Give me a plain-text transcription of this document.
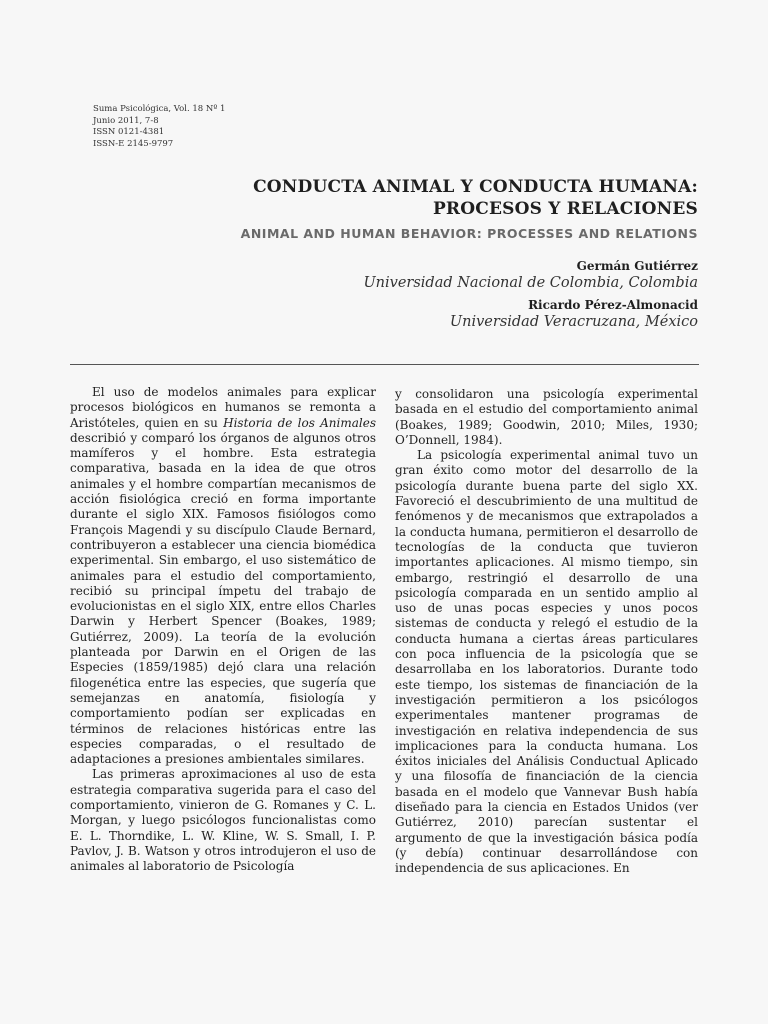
Suma Psicológica, Vol. 18 Nº 1
Junio 2011, 7-8
ISSN 0121-4381
ISSN-E 2145-9797
CONDUCTA ANIMAL Y CONDUCTA HUMANA:
PROCESOS Y RELACIONES
ANIMAL AND HUMAN BEHAVIOR: PROCESSES AND RELATIONS
Germán Gutiérrez
Universidad Nacional de Colombia, Colombia
Ricardo Pérez-Almonacid
Universidad Veracruzana, México

El uso de modelos animales para explicar procesos biológicos en humanos se remonta a Aristóteles, quien en su Historia de los Animales describió y comparó los órganos de algunos otros mamíferos y el hombre. Esta estrategia comparativa, basada en la idea de que otros animales y el hombre compartían mecanismos de acción fisiológica creció en forma importante durante el siglo XIX. Famosos fisiólogos como François Magendi y su discípulo Claude Bernard, contribuyeron a establecer una ciencia biomédica experimental. Sin embargo, el uso sistemático de animales para el estudio del comportamiento, recibió su principal ímpetu del trabajo de evolucionistas en el siglo XIX, entre ellos Charles Darwin y Herbert Spencer (Boakes, 1989; Gutiérrez, 2009). La teoría de la evolución planteada por Darwin en el Origen de las Especies (1859/1985) dejó clara una relación filogenética entre las especies, que sugería que semejanzas en anatomía, fisiología y comportamiento podían ser explicadas en términos de relaciones históricas entre las especies comparadas, o el resultado de adaptaciones a presiones ambientales similares.

Las primeras aproximaciones al uso de esta estrategia comparativa sugerida para el caso del comportamiento, vinieron de G. Romanes y C. L. Morgan, y luego psicólogos funcionalistas como E. L. Thorndike, L. W. Kline, W. S. Small, I. P. Pavlov, J. B. Watson y otros introdujeron el uso de animales al laboratorio de Psicología

y consolidaron una psicología experimental basada en el estudio del comportamiento animal (Boakes, 1989; Goodwin, 2010; Miles, 1930; O’Donnell, 1984).

La psicología experimental animal tuvo un gran éxito como motor del desarrollo de la psicología durante buena parte del siglo XX. Favoreció el descubrimiento de una multitud de fenómenos y de mecanismos que extrapolados a la conducta humana, permitieron el desarrollo de tecnologías de la conducta que tuvieron importantes aplicaciones. Al mismo tiempo, sin embargo, restringió el desarrollo de una psicología comparada en un sentido amplio al uso de unas pocas especies y unos pocos sistemas de conducta y relegó el estudio de la conducta humana a ciertas áreas particulares con poca influencia de la psicología que se desarrollaba en los laboratorios. Durante todo este tiempo, los sistemas de financiación de la investigación permitieron a los psicólogos experimentales mantener programas de investigación en relativa independencia de sus implicaciones para la conducta humana. Los éxitos iniciales del Análisis Conductual Aplicado y una filosofía de financiación de la ciencia basada en el modelo que Vannevar Bush había diseñado para la ciencia en Estados Unidos (ver Gutiérrez, 2010) parecían sustentar el argumento de que la investigación básica podía (y debía) continuar desarrollándose con independencia de sus aplicaciones. En
